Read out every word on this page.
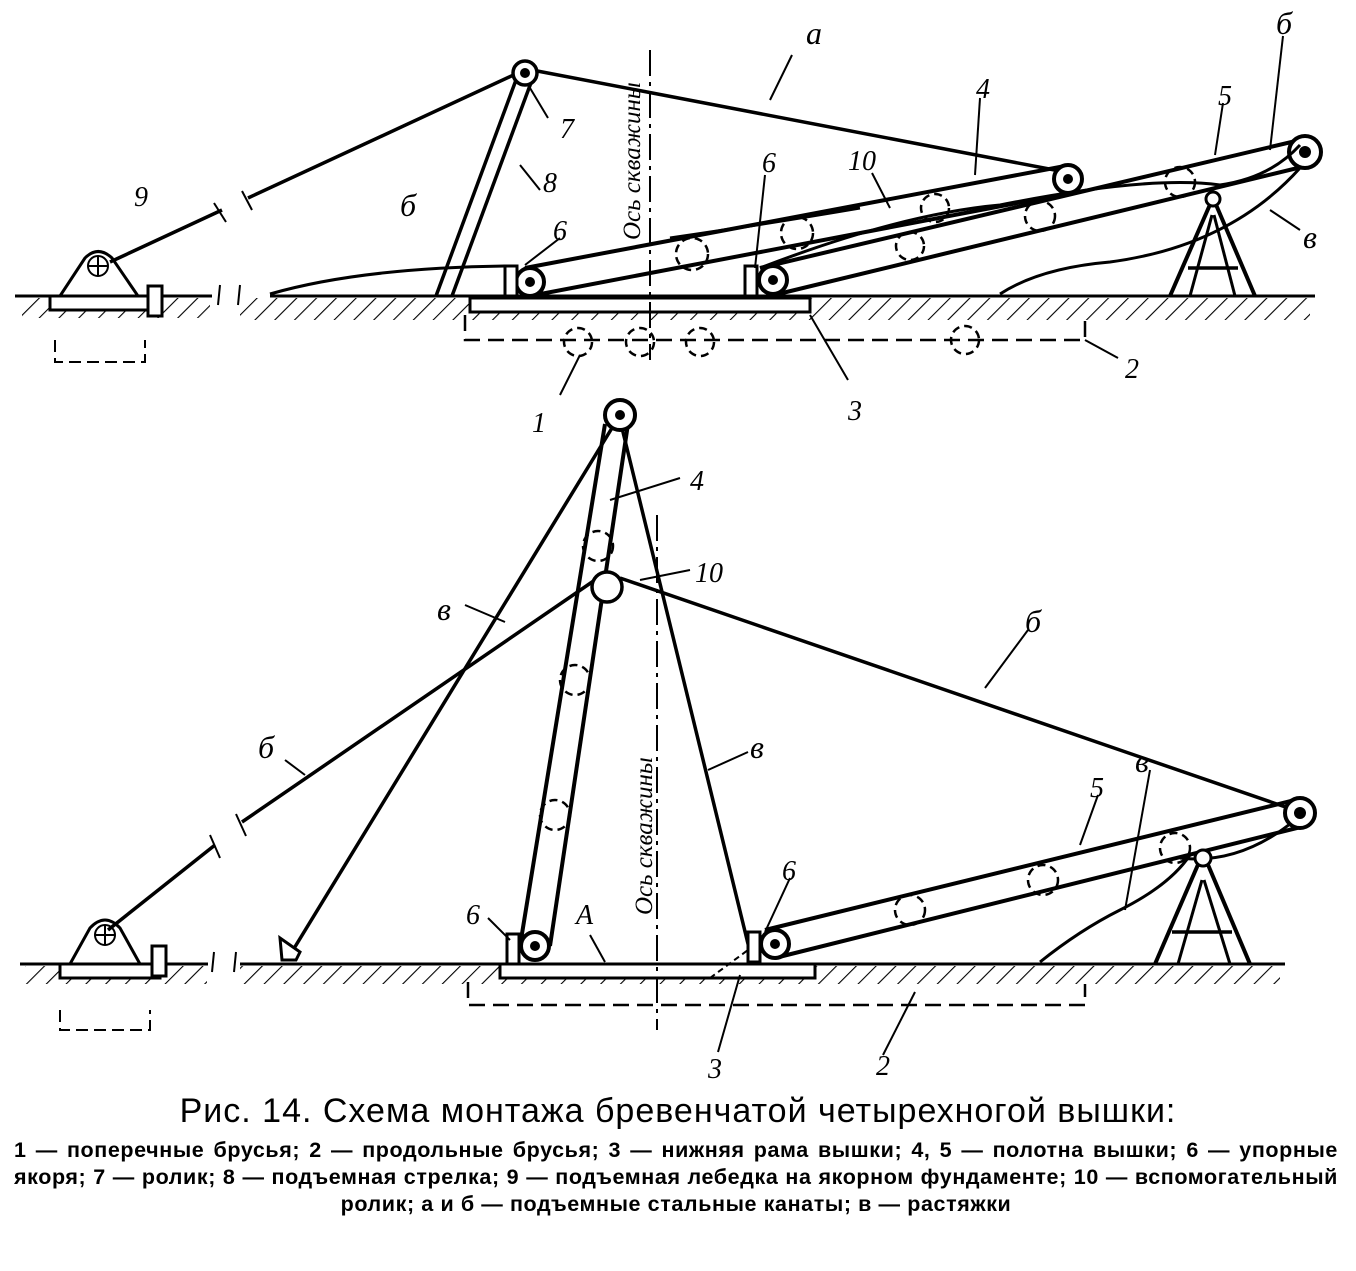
a
4	5
б
в
7
8
9	б
6
6	10
1	3
2
Ось скважины
4
10
в
б	в
б
5
в
6
6	А
3	2
Ось скважины
Рис. 14. Схема монтажа бревенчатой четырехногой вышки:
1 — поперечные брусья; 2 — продольные брусья; 3 — нижняя рама вышки; 4, 5 — полотна вышки; 6 — упорные якоря; 7 — ролик; 8 — подъемная стрелка; 9 — подъемная лебедка на якорном фундаменте; 10 — вспомогательный ролик; а и б — подъемные стальные канаты; в — растяжки
